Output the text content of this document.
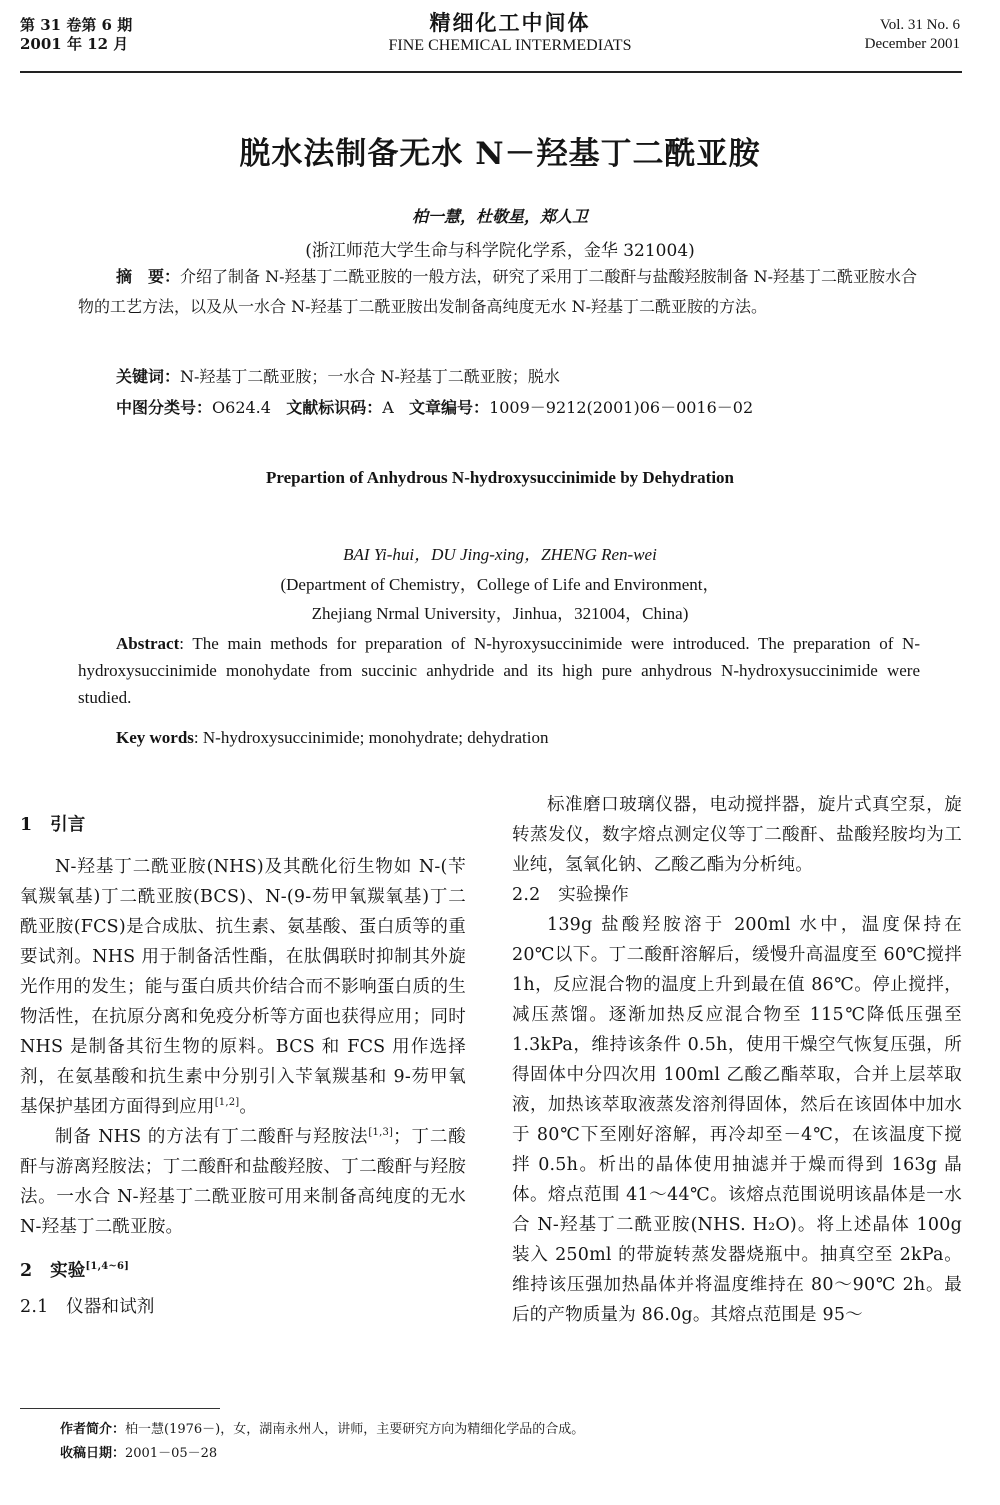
第 31 卷第 6 期
2001 年 12 月
精细化工中间体
FINE CHEMICAL INTERMEDIATS
Vol. 31 No. 6
December 2001
脱水法制备无水 N－羟基丁二酰亚胺
柏一慧，杜敬星，郑人卫
(浙江师范大学生命与科学院化学系，金华 321004)
摘　要：介绍了制备 N-羟基丁二酰亚胺的一般方法，研究了采用丁二酸酐与盐酸羟胺制备 N-羟基丁二酰亚胺水合物的工艺方法，以及从一水合 N-羟基丁二酰亚胺出发制备高纯度无水 N-羟基丁二酰亚胺的方法。
关键词：N-羟基丁二酰亚胺；一水合 N-羟基丁二酰亚胺；脱水
中图分类号：O624.4 文献标识码：A 文章编号：1009－9212(2001)06－0016－02
Prepartion of Anhydrous N-hydroxysuccinimide by Dehydration
BAI Yi-hui，DU Jing-xing，ZHENG Ren-wei
(Department of Chemistry，College of Life and Environment，
Zhejiang Nrmal University，Jinhua，321004，China)
Abstract: The main methods for preparation of N-hyroxysuccinimide were introduced. The preparation of N-hydroxysuccinimide monohydate from succinic anhydride and its high pure anhydrous N-hydroxysuccinimide were studied.
Key words: N-hydroxysuccinimide; monohydrate; dehydration

1　引言

N-羟基丁二酰亚胺(NHS)及其酰化衍生物如 N-(苄氧羰氧基)丁二酰亚胺(BCS)、N-(9-芴甲氧羰氧基)丁二酰亚胺(FCS)是合成肽、抗生素、氨基酸、蛋白质等的重要试剂。NHS 用于制备活性酯，在肽偶联时抑制其外旋光作用的发生；能与蛋白质共价结合而不影响蛋白质的生物活性，在抗原分离和免疫分析等方面也获得应用；同时 NHS 是制备其衍生物的原料。BCS 和 FCS 用作选择剂，在氨基酸和抗生素中分别引入苄氧羰基和 9-芴甲氧基保护基团方面得到应用[1,2]。

制备 NHS 的方法有丁二酸酐与羟胺法[1,3]；丁二酸酐与游离羟胺法；丁二酸酐和盐酸羟胺、丁二酸酐与羟胺法。一水合 N-羟基丁二酰亚胺可用来制备高纯度的无水 N-羟基丁二酰亚胺。

2　实验[1,4~6]

2.1　仪器和试剂

标准磨口玻璃仪器，电动搅拌器，旋片式真空泵，旋转蒸发仪，数字熔点测定仪等丁二酸酐、盐酸羟胺均为工业纯，氢氧化钠、乙酸乙酯为分析纯。

2.2　实验操作

139g 盐酸羟胺溶于 200ml 水中，温度保持在 20℃以下。丁二酸酐溶解后，缓慢升高温度至 60℃搅拌 1h，反应混合物的温度上升到最在值 86℃。停止搅拌，减压蒸馏。逐渐加热反应混合物至 115℃降低压强至 1.3kPa，维持该条件 0.5h，使用干燥空气恢复压强，所得固体中分四次用 100ml 乙酸乙酯萃取，合并上层萃取液，加热该萃取液蒸发溶剂得固体，然后在该固体中加水于 80℃下至刚好溶解，再冷却至－4℃，在该温度下搅拌 0.5h。析出的晶体使用抽滤并于燥而得到 163g 晶体。熔点范围 41～44℃。该熔点范围说明该晶体是一水合 N-羟基丁二酰亚胺(NHS. H₂O)。将上述晶体 100g 装入 250ml 的带旋转蒸发器烧瓶中。抽真空至 2kPa。维持该压强加热晶体并将温度维持在 80～90℃ 2h。最后的产物质量为 86.0g。其熔点范围是 95～

作者简介：柏一慧(1976－)，女，湖南永州人，讲师，主要研究方向为精细化学品的合成。
收稿日期：2001－05－28
